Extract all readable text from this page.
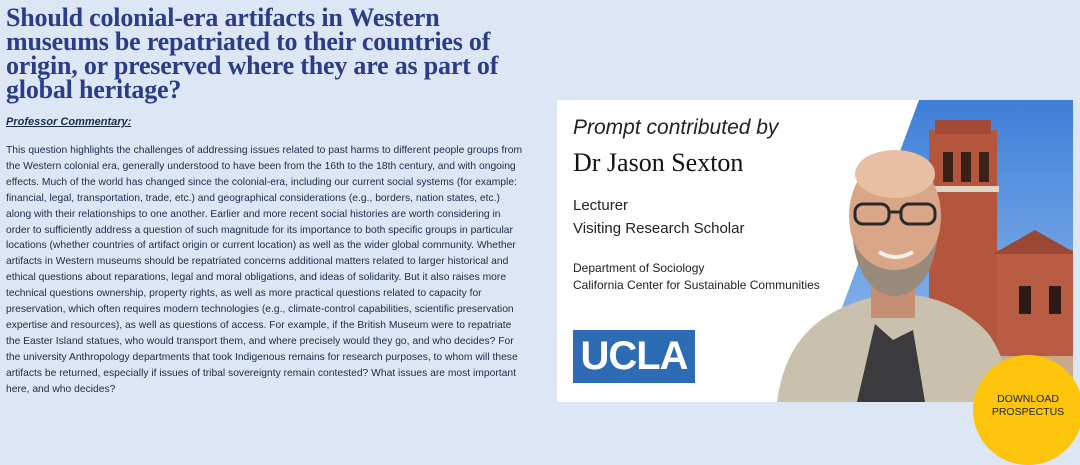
Should colonial-era artifacts in Western museums be repatriated to their countries of origin, or preserved where they are as part of global heritage?
Professor Commentary:

This question highlights the challenges of addressing issues related to past harms to different people groups from the Western colonial era, generally understood to have been from the 16th to the 18th century, and with ongoing effects. Much of the world has changed since the colonial-era, including our current social systems (for example: financial, legal, transportation, trade, etc.) and geographical considerations (e.g., borders, nation states, etc.) along with their relationships to one another. Earlier and more recent social histories are worth considering in order to sufficiently address a question of such magnitude for its importance to both specific groups in particular locations (whether countries of artifact origin or current location) as well as the wider global community. Whether artifacts in Western museums should be repatriated concerns additional matters related to larger historical and ethical questions about reparations, legal and moral obligations, and ideas of solidarity. But it also raises more technical questions ownership, property rights, as well as more practical questions related to capacity for preservation, which often requires modern technologies (e.g., climate-control capabilities, scientific preservation expertise and resources), as well as questions of access. For example, if the British Museum were to repatriate the Easter Island statues, who would transport them, and where precisely would they go, and who decides? For the university Anthropology departments that took Indigenous remains for research purposes, to whom will these artifacts be returned, especially if issues of tribal sovereignty remain contested? What issues are most important here, and who decides?

Prompt contributed by
Dr Jason Sexton
Lecturer
Visiting Research Scholar
Department of Sociology
California Center for Sustainable Communities
UCLA
DOWNLOAD
PROSPECTUS
